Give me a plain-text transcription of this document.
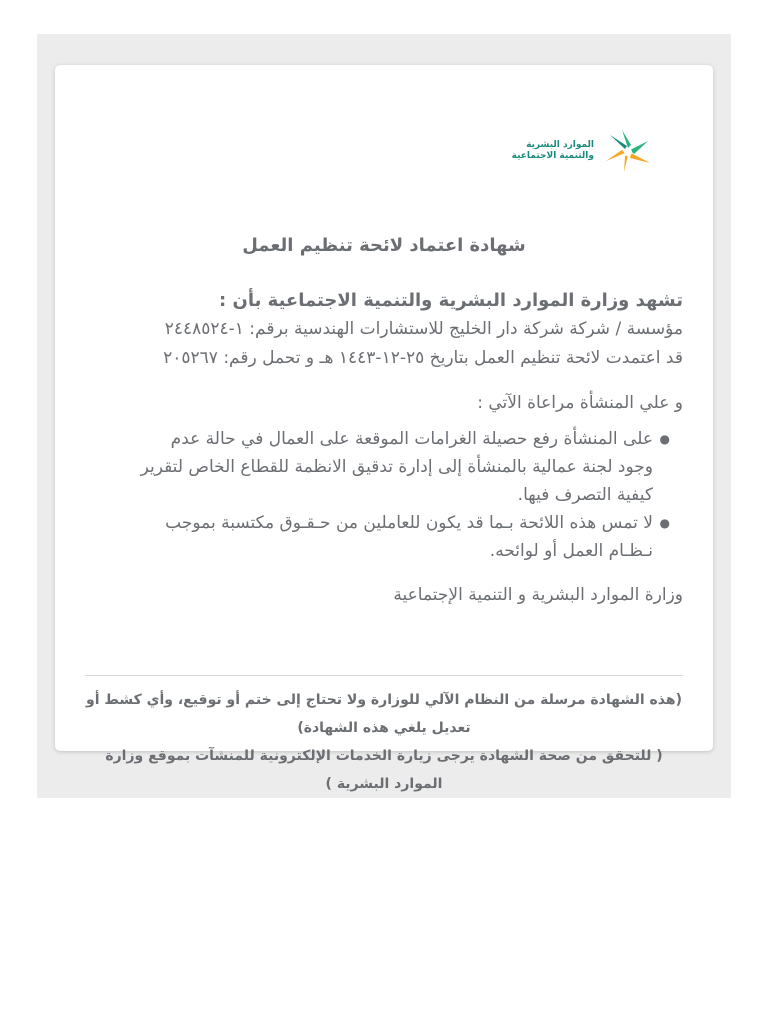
الموارد البشرية
والتنمية الاجتماعية
شهادة اعتماد لائحة تنظيم العمل
تشهد وزارة الموارد البشرية والتنمية الاجتماعية بأن :
مؤسسة / شركة شركة دار الخليج للاستشارات الهندسية برقم: ١-٢٤٤٨٥٢٤
قد اعتمدت لائحة تنظيم العمل بتاريخ ٢٥-١٢-١٤٤٣ هـ و تحمل رقم: ٢٠٥٢٦٧
و علي المنشأة مراعاة الآتي :
●
على المنشأة رفع حصيلة الغرامات الموقعة على العمال في حالة عدم وجود لجنة عمالية بالمنشأة إلى إدارة تدقيق الانظمة للقطاع الخاص لتقرير كيفية التصرف فيها.
●
لا تمس هذه اللائحة بـما قد يكون للعاملين من حـقـوق مكتسبة بموجب نـظـام العمل أو لوائحه.
وزارة الموارد البشرية و التنمية الإجتماعية
(هذه الشهادة مرسلة من النظام الآلي للوزارة ولا تحتاج إلى ختم أو توقيع، وأي كشط أو تعديل يلغي هذه الشهادة)
( للتحقق من صحة الشهادة يرجى زيارة الخدمات الإلكترونية للمنشآت بموقع وزارة الموارد البشرية )
